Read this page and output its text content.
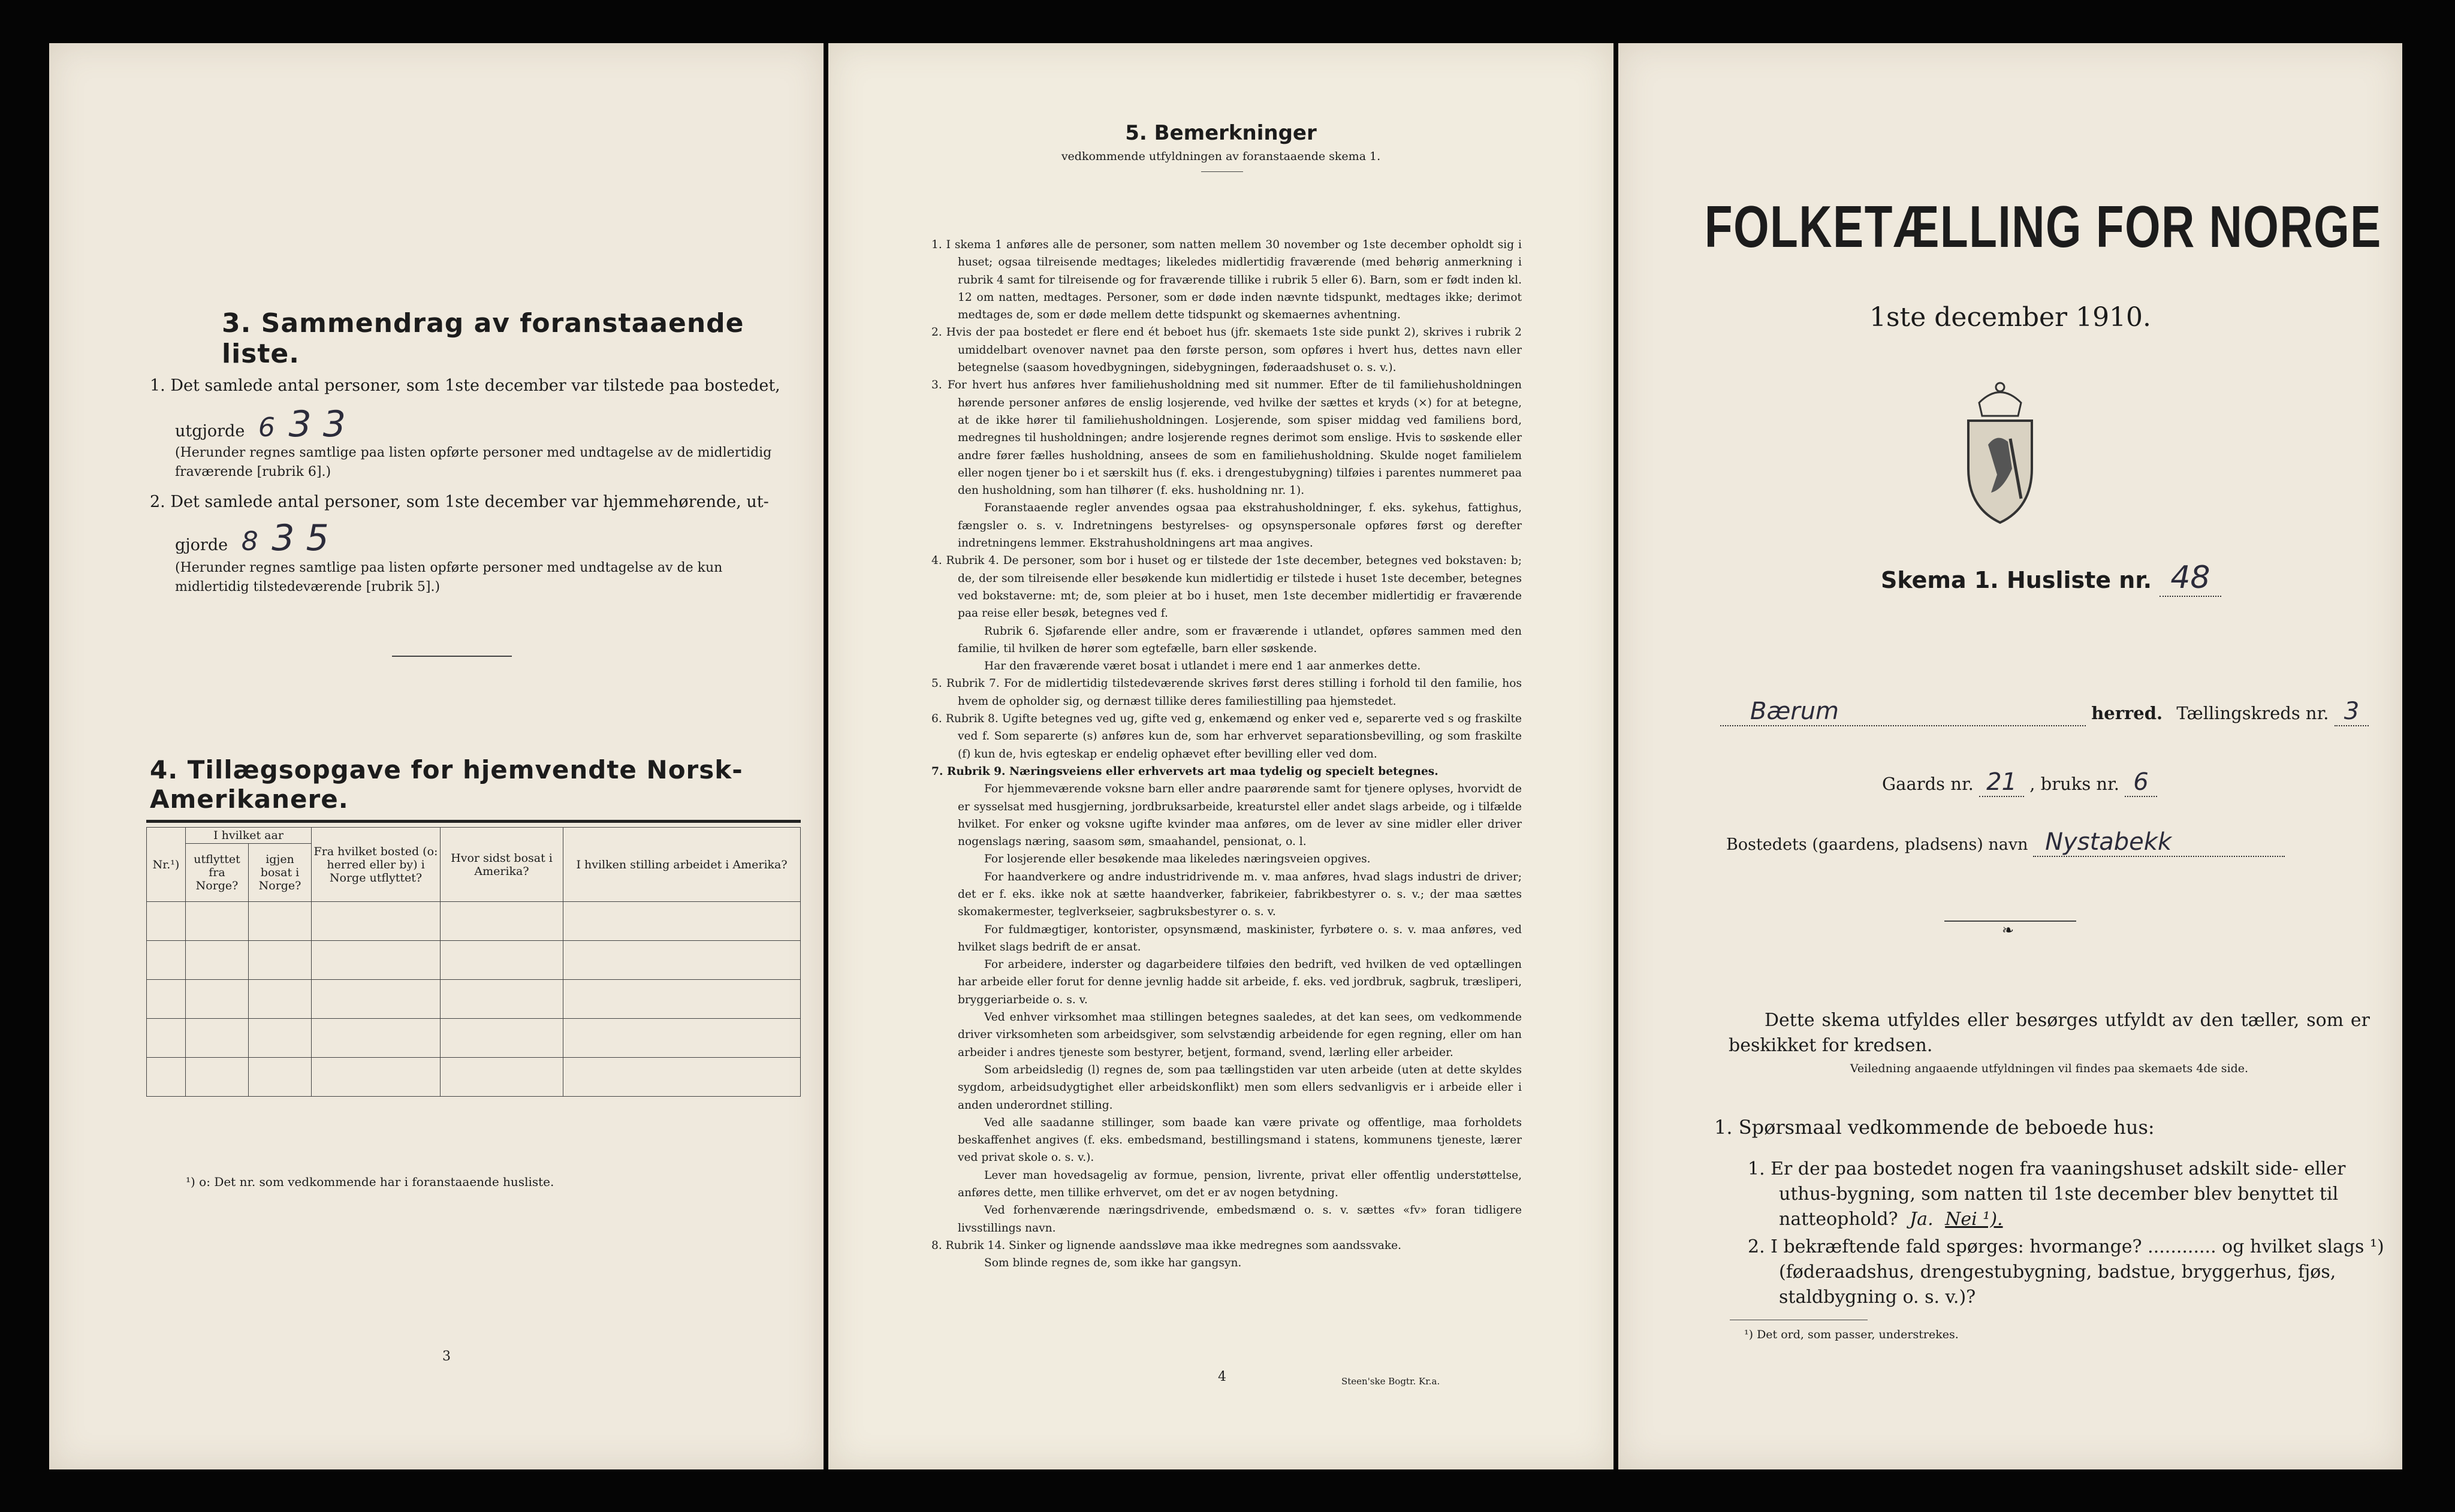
3. Sammendrag av foranstaaende liste.
1. Det samlede antal personer, som 1ste december var tilstede paa bostedet,
utgjorde 6 3 3
(Herunder regnes samtlige paa listen opførte personer med undtagelse av de midlertidig fraværende [rubrik 6].)
2. Det samlede antal personer, som 1ste december var hjemmehørende, ut-
gjorde 8 3 5
(Herunder regnes samtlige paa listen opførte personer med undtagelse av de kun midlertidig tilstedeværende [rubrik 5].)
4. Tillægsopgave for hjemvendte Norsk-Amerikanere.
Nr.¹)	I hvilket aar		Fra hvilket bosted (o: herred eller by) i Norge utflyttet?	Hvor sidst bosat i Amerika?	I hvilken stilling arbeidet i Amerika?
	utflyttet fra Norge?	igjen bosat i Norge?			

¹) o: Det nr. som vedkommende har i foranstaaende husliste.
3
5. Bemerkninger
vedkommende utfyldningen av foranstaaende skema 1.

1. I skema 1 anføres alle de personer, som natten mellem 30 november og 1ste december opholdt sig i huset; ogsaa tilreisende medtages; likeledes midlertidig fraværende (med behørig anmerkning i rubrik 4 samt for tilreisende og for fraværende tillike i rubrik 5 eller 6). Barn, som er født inden kl. 12 om natten, medtages. Personer, som er døde inden nævnte tidspunkt, medtages ikke; derimot medtages de, som er døde mellem dette tidspunkt og skemaernes avhentning.

2. Hvis der paa bostedet er flere end ét beboet hus (jfr. skemaets 1ste side punkt 2), skrives i rubrik 2 umiddelbart ovenover navnet paa den første person, som opføres i hvert hus, dettes navn eller betegnelse (saasom hovedbygningen, sidebygningen, føderaadshuset o. s. v.).

3. For hvert hus anføres hver familiehusholdning med sit nummer. Efter de til familiehusholdningen hørende personer anføres de enslig losjerende, ved hvilke der sættes et kryds (×) for at betegne, at de ikke hører til familiehusholdningen. Losjerende, som spiser middag ved familiens bord, medregnes til husholdningen; andre losjerende regnes derimot som enslige. Hvis to søskende eller andre fører fælles husholdning, ansees de som en familiehusholdning. Skulde noget familielem eller nogen tjener bo i et særskilt hus (f. eks. i drengestubygning) tilføies i parentes nummeret paa den husholdning, som han tilhører (f. eks. husholdning nr. 1).

Foranstaaende regler anvendes ogsaa paa ekstrahusholdninger, f. eks. sykehus, fattighus, fængsler o. s. v. Indretningens bestyrelses- og opsynspersonale opføres først og derefter indretningens lemmer. Ekstrahusholdningens art maa angives.

4. Rubrik 4. De personer, som bor i huset og er tilstede der 1ste december, betegnes ved bokstaven: b; de, der som tilreisende eller besøkende kun midlertidig er tilstede i huset 1ste december, betegnes ved bokstaverne: mt; de, som pleier at bo i huset, men 1ste december midlertidig er fraværende paa reise eller besøk, betegnes ved f.

Rubrik 6. Sjøfarende eller andre, som er fraværende i utlandet, opføres sammen med den familie, til hvilken de hører som egtefælle, barn eller søskende.

Har den fraværende været bosat i utlandet i mere end 1 aar anmerkes dette.

5. Rubrik 7. For de midlertidig tilstedeværende skrives først deres stilling i forhold til den familie, hos hvem de opholder sig, og dernæst tillike deres familiestilling paa hjemstedet.

6. Rubrik 8. Ugifte betegnes ved ug, gifte ved g, enkemænd og enker ved e, separerte ved s og fraskilte ved f. Som separerte (s) anføres kun de, som har erhvervet separationsbevilling, og som fraskilte (f) kun de, hvis egteskap er endelig ophævet efter bevilling eller ved dom.

7. Rubrik 9. Næringsveiens eller erhvervets art maa tydelig og specielt betegnes.

For hjemmeværende voksne barn eller andre paarørende samt for tjenere oplyses, hvorvidt de er sysselsat med husgjerning, jordbruksarbeide, kreaturstel eller andet slags arbeide, og i tilfælde hvilket. For enker og voksne ugifte kvinder maa anføres, om de lever av sine midler eller driver nogenslags næring, saasom søm, smaahandel, pensionat, o. l.

For losjerende eller besøkende maa likeledes næringsveien opgives.

For haandverkere og andre industridrivende m. v. maa anføres, hvad slags industri de driver; det er f. eks. ikke nok at sætte haandverker, fabrikeier, fabrikbestyrer o. s. v.; der maa sættes skomakermester, teglverkseier, sagbruksbestyrer o. s. v.

For fuldmægtiger, kontorister, opsynsmænd, maskinister, fyrbøtere o. s. v. maa anføres, ved hvilket slags bedrift de er ansat.

For arbeidere, inderster og dagarbeidere tilføies den bedrift, ved hvilken de ved optællingen har arbeide eller forut for denne jevnlig hadde sit arbeide, f. eks. ved jordbruk, sagbruk, træsliperi, bryggeriarbeide o. s. v.

Ved enhver virksomhet maa stillingen betegnes saaledes, at det kan sees, om vedkommende driver virksomheten som arbeidsgiver, som selvstændig arbeidende for egen regning, eller om han arbeider i andres tjeneste som bestyrer, betjent, formand, svend, lærling eller arbeider.

Som arbeidsledig (l) regnes de, som paa tællingstiden var uten arbeide (uten at dette skyldes sygdom, arbeidsudygtighet eller arbeidskonflikt) men som ellers sedvanligvis er i arbeide eller i anden underordnet stilling.

Ved alle saadanne stillinger, som baade kan være private og offentlige, maa forholdets beskaffenhet angives (f. eks. embedsmand, bestillingsmand i statens, kommunens tjeneste, lærer ved privat skole o. s. v.).

Lever man hovedsagelig av formue, pension, livrente, privat eller offentlig understøttelse, anføres dette, men tillike erhvervet, om det er av nogen betydning.

Ved forhenværende næringsdrivende, embedsmænd o. s. v. sættes «fv» foran tidligere livsstillings navn.

8. Rubrik 14. Sinker og lignende aandssløve maa ikke medregnes som aandssvake.

Som blinde regnes de, som ikke har gangsyn.

4	Steen'ske Bogtr. Kr.a.
FOLKETÆLLING FOR NORGE
1ste december 1910.
Skema 1. Husliste nr. 48
Bærum	herred. Tællingskreds nr. 3
Gaards nr. 21 , bruks nr. 6
Bostedets (gaardens, pladsens) navn Nystabekk
❧
Dette skema utfyldes eller besørges utfyldt av den tæller, som er beskikket for kredsen.
Veiledning angaaende utfyldningen vil findes paa skemaets 4de side.
1. Spørsmaal vedkommende de beboede hus:
1. Er der paa bostedet nogen fra vaaningshuset adskilt side- eller uthus-bygning, som natten til 1ste december blev benyttet til natteophold? Ja. Nei ¹).
2. I bekræftende fald spørges: hvormange? ............ og hvilket slags ¹) (føderaadshus, drengestubygning, badstue, bryggerhus, fjøs, staldbygning o. s. v.)?
¹) Det ord, som passer, understrekes.
